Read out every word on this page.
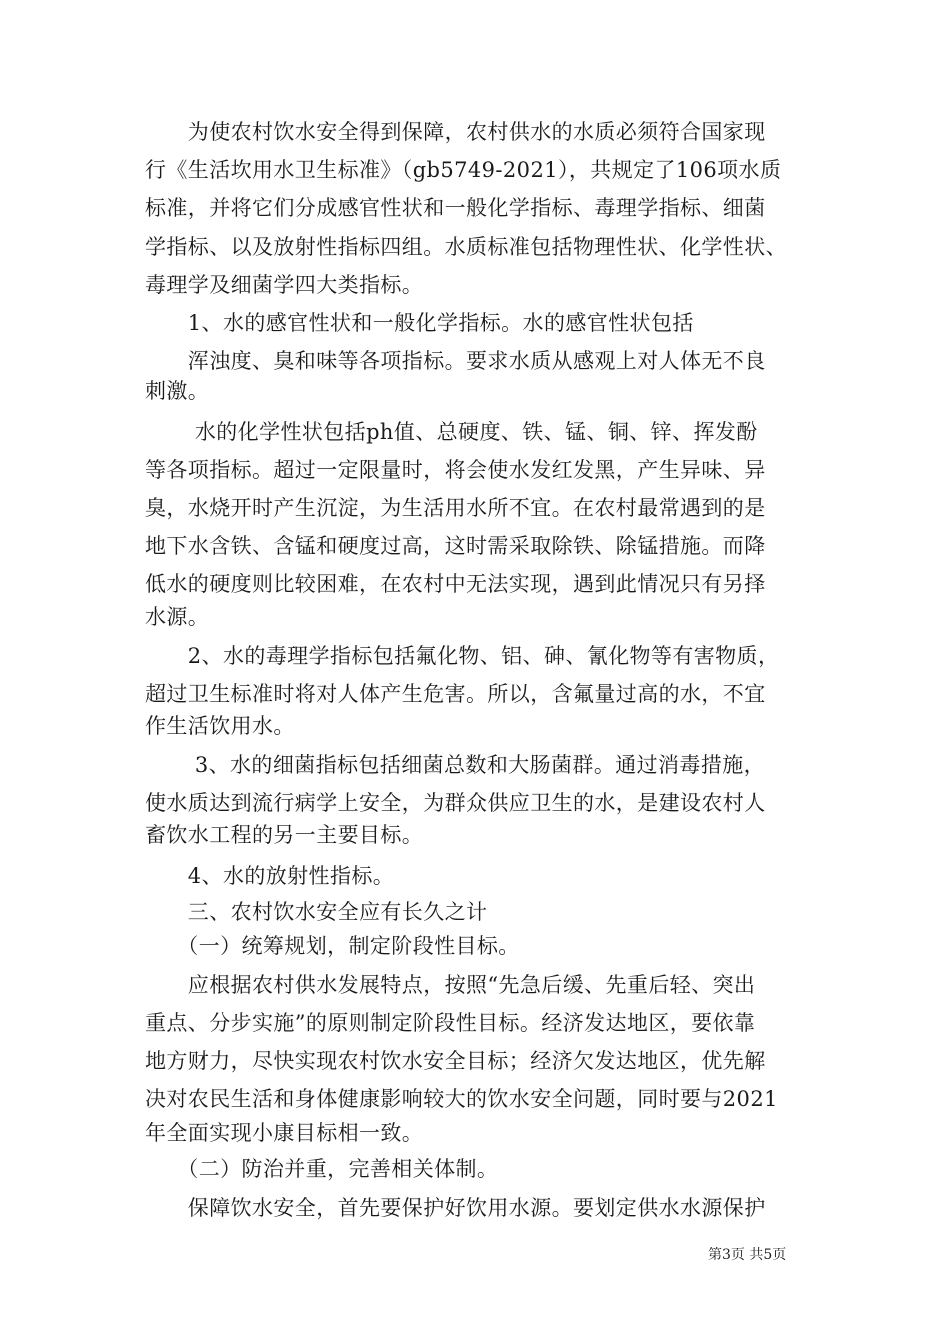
　　为使农村饮水安全得到保障，农村供水的水质必须符合国家现
行《生活坎用水卫生标准》（gb5749-2021），共规定了106项水质
标准，并将它们分成感官性状和一般化学指标、毒理学指标、细菌
学指标、以及放射性指标四组。水质标准包括物理性状、化学性状、
毒理学及细菌学四大类指标。
　　1、水的感官性状和一般化学指标。水的感官性状包括
　　浑浊度、臭和味等各项指标。要求水质从感观上对人体无不良
刺激。
　　 水的化学性状包括ph值、总硬度、铁、锰、铜、锌、挥发酚
等各项指标。超过一定限量时，将会使水发红发黑，产生异味、异
臭，水烧开时产生沉淀，为生活用水所不宜。在农村最常遇到的是
地下水含铁、含锰和硬度过高，这时需采取除铁、除锰措施。而降
低水的硬度则比较困难，在农村中无法实现，遇到此情况只有另择
水源。
　　2、水的毒理学指标包括氟化物、铝、砷、氰化物等有害物质，
超过卫生标准时将对人体产生危害。所以，含氟量过高的水，不宜
作生活饮用水。
　　 3、水的细菌指标包括细菌总数和大肠菌群。通过消毒措施，
使水质达到流行病学上安全，为群众供应卫生的水，是建设农村人
畜饮水工程的另一主要目标。
　　4、水的放射性指标。
　　三、农村饮水安全应有长久之计
　　（一）统筹规划，制定阶段性目标。
　　应根据农村供水发展特点，按照“先急后缓、先重后轻、突出
重点、分步实施”的原则制定阶段性目标。经济发达地区，要依靠
地方财力，尽快实现农村饮水安全目标；经济欠发达地区，优先解
决对农民生活和身体健康影响较大的饮水安全问题，同时要与2021
年全面实现小康目标相一致。
　　（二）防治并重，完善相关体制。
　　保障饮水安全，首先要保护好饮用水源。要划定供水水源保护
第3页 共5页
